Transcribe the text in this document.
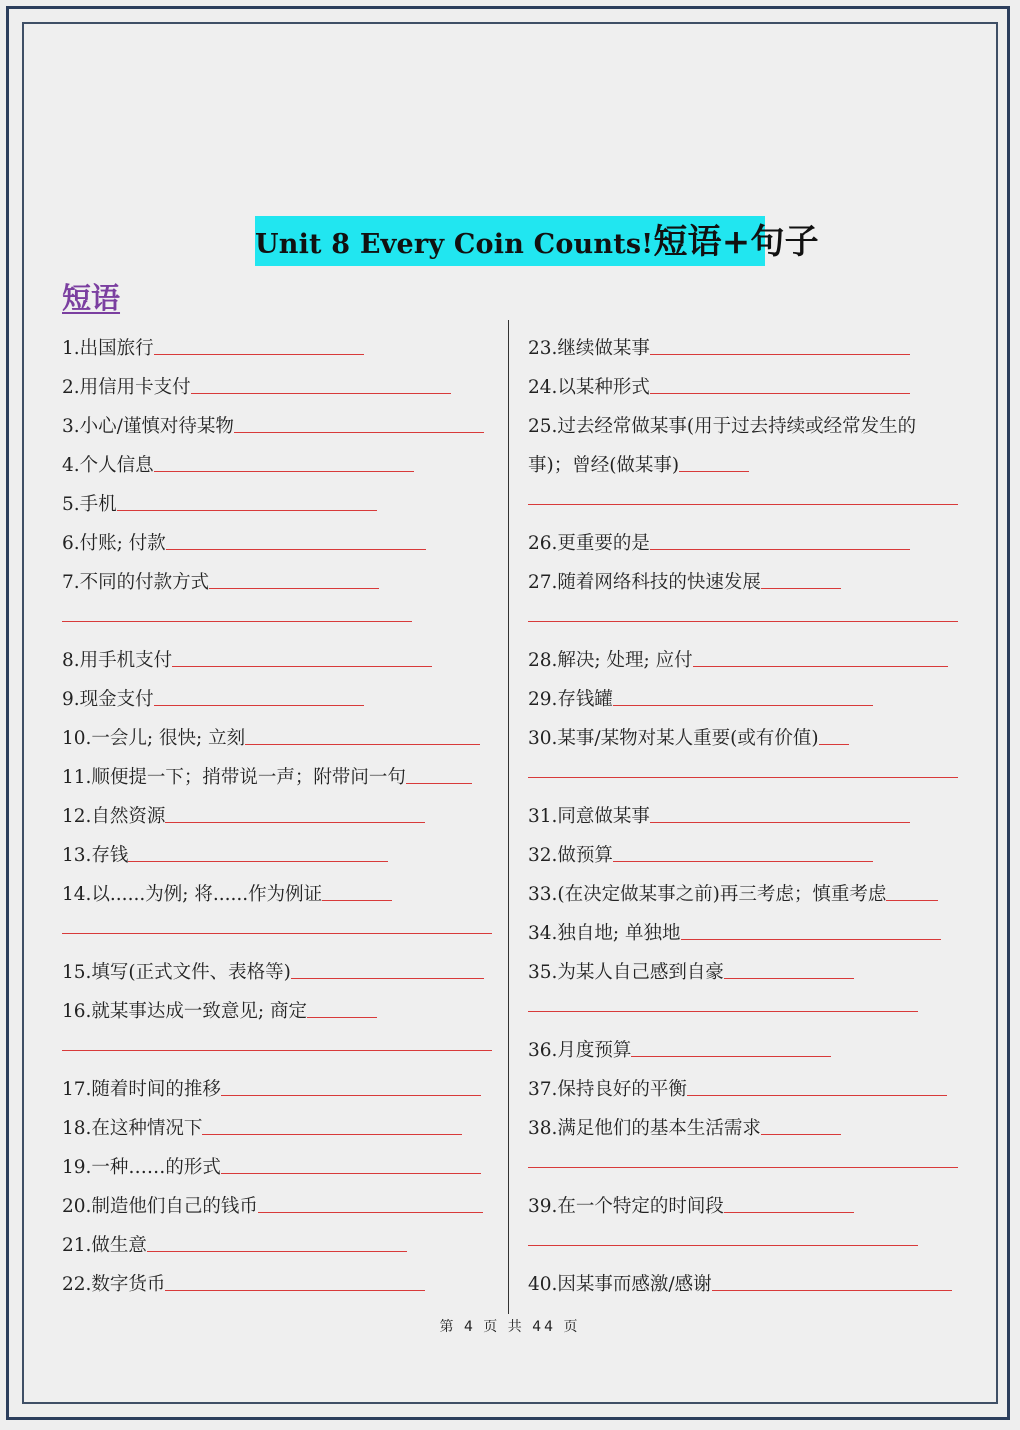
Unit 8 Every Coin Counts!短语+句子
短语
1.出国旅行
2.用信用卡支付
3.小心/谨慎对待某物
4.个人信息
5.手机
6.付账; 付款
7.不同的付款方式
8.用手机支付
9.现金支付
10.一会儿; 很快; 立刻
11.顺便提一下；捎带说一声；附带问一句
12.自然资源
13.存钱
14.以......为例; 将......作为例证
15.填写(正式文件、表格等)
16.就某事达成一致意见; 商定
17.随着时间的推移
18.在这种情况下
19.一种……的形式
20.制造他们自己的钱币
21.做生意
22.数字货币
23.继续做某事
24.以某种形式
25.过去经常做某事(用于过去持续或经常发生的
事)；曾经(做某事)
26.更重要的是
27.随着网络科技的快速发展
28.解决; 处理; 应付
29.存钱罐
30.某事/某物对某人重要(或有价值)
31.同意做某事
32.做预算
33.(在决定做某事之前)再三考虑；慎重考虑
34.独自地; 单独地
35.为某人自己感到自豪
36.月度预算
37.保持良好的平衡
38.满足他们的基本生活需求
39.在一个特定的时间段
40.因某事而感激/感谢
第 4 页 共 44 页
